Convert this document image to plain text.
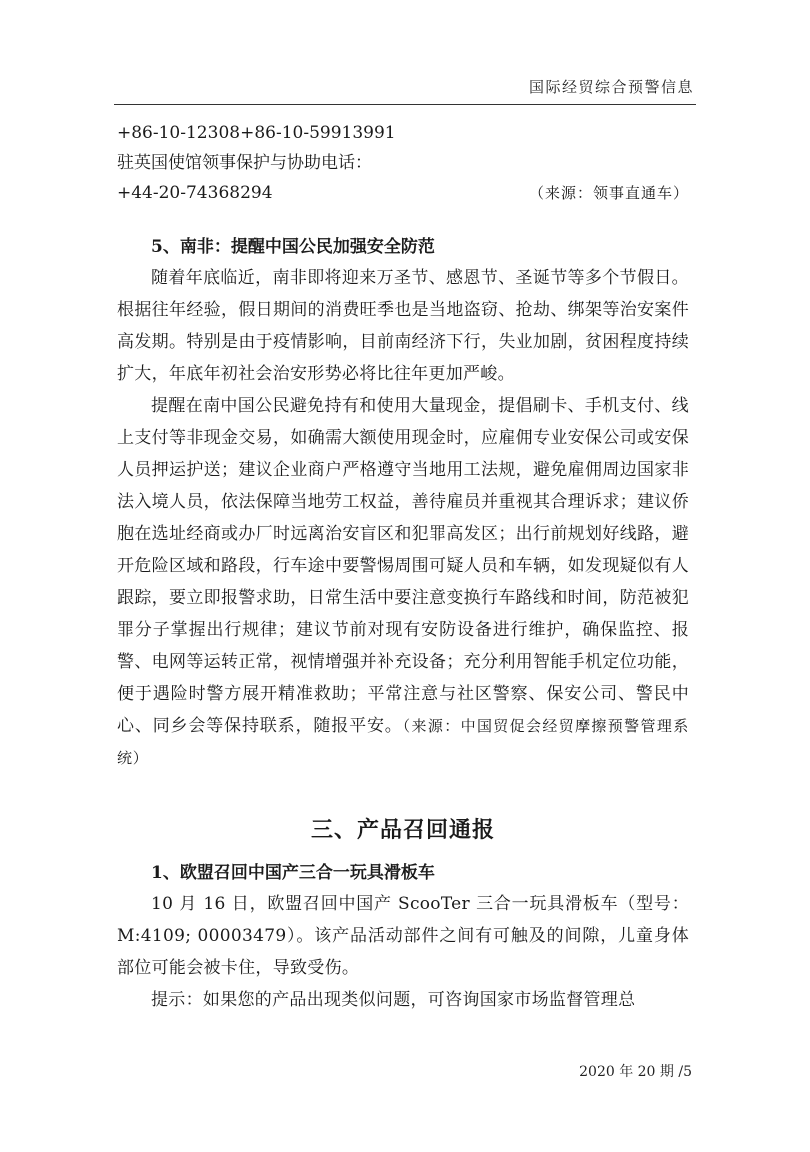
国际经贸综合预警信息
+86-10-12308+86-10-59913991
驻英国使馆领事保护与协助电话：
+44-20-74368294	（来源：领事直通车）
5、南非：提醒中国公民加强安全防范

随着年底临近，南非即将迎来万圣节、感恩节、圣诞节等多个节假日。根据往年经验，假日期间的消费旺季也是当地盗窃、抢劫、绑架等治安案件高发期。特别是由于疫情影响，目前南经济下行，失业加剧，贫困程度持续扩大，年底年初社会治安形势必将比往年更加严峻。

提醒在南中国公民避免持有和使用大量现金，提倡刷卡、手机支付、线上支付等非现金交易，如确需大额使用现金时，应雇佣专业安保公司或安保人员押运护送；建议企业商户严格遵守当地用工法规，避免雇佣周边国家非法入境人员，依法保障当地劳工权益，善待雇员并重视其合理诉求；建议侨胞在选址经商或办厂时远离治安盲区和犯罪高发区；出行前规划好线路，避开危险区域和路段，行车途中要警惕周围可疑人员和车辆，如发现疑似有人跟踪，要立即报警求助，日常生活中要注意变换行车路线和时间，防范被犯罪分子掌握出行规律；建议节前对现有安防设备进行维护，确保监控、报警、电网等运转正常，视情增强并补充设备；充分利用智能手机定位功能，便于遇险时警方展开精准救助；平常注意与社区警察、保安公司、警民中心、同乡会等保持联系，随报平安。（来源：中国贸促会经贸摩擦预警管理系统）

三、产品召回通报
1、欧盟召回中国产三合一玩具滑板车

10 月 16 日，欧盟召回中国产 ScooTer 三合一玩具滑板车（型号：M:4109; 00003479）。该产品活动部件之间有可触及的间隙，儿童身体部位可能会被卡住，导致受伤。

提示：如果您的产品出现类似问题，可咨询国家市场监督管理总

2020 年 20 期 /5
